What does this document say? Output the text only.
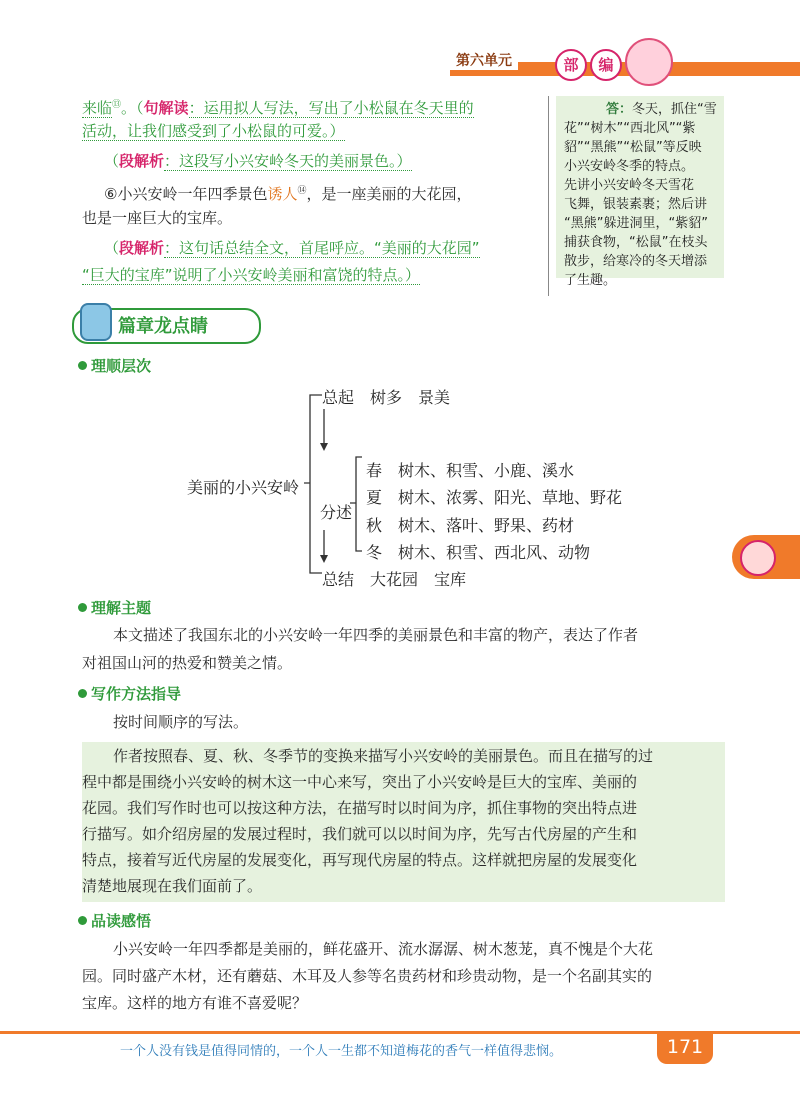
第六单元	部	编
来临⑬。（句解读：运用拟人写法，写出了小松鼠在冬天里的
活动，让我们感受到了小松鼠的可爱。）
（段解析：这段写小兴安岭冬天的美丽景色。）
⑥小兴安岭一年四季景色诱人⑭，是一座美丽的大花园，
也是一座巨大的宝库。
（段解析：这句话总结全文，首尾呼应。“美丽的大花园”
“巨大的宝库”说明了小兴安岭美丽和富饶的特点。）
答：冬天，抓住“雪
花”“树木”“西北风”“紫
貂”“黑熊”“松鼠”等反映
小兴安岭冬季的特点。
先讲小兴安岭冬天雪花
飞舞，银装素裹；然后讲
“黑熊”躲进洞里，“紫貂”
捕获食物，“松鼠”在枝头
散步，给寒冷的冬天增添
了生趣。
篇章龙点睛
理顺层次
美丽的小兴安岭
总起　树多　景美
分述
春 树木、积雪、小鹿、溪水
夏 树木、浓雾、阳光、草地、野花
秋 树木、落叶、野果、药材
冬 树木、积雪、西北风、动物
总结　大花园　宝库
理解主题
本文描述了我国东北的小兴安岭一年四季的美丽景色和丰富的物产，表达了作者
对祖国山河的热爱和赞美之情。
写作方法指导
按时间顺序的写法。
作者按照春、夏、秋、冬季节的变换来描写小兴安岭的美丽景色。而且在描写的过
程中都是围绕小兴安岭的树木这一中心来写，突出了小兴安岭是巨大的宝库、美丽的
花园。我们写作时也可以按这种方法，在描写时以时间为序，抓住事物的突出特点进
行描写。如介绍房屋的发展过程时，我们就可以以时间为序，先写古代房屋的产生和
特点，接着写近代房屋的发展变化，再写现代房屋的特点。这样就把房屋的发展变化
清楚地展现在我们面前了。
品读感悟
小兴安岭一年四季都是美丽的，鲜花盛开、流水潺潺、树木葱茏，真不愧是个大花
园。同时盛产木材，还有蘑菇、木耳及人参等名贵药材和珍贵动物，是一个名副其实的
宝库。这样的地方有谁不喜爱呢？
一个人没有钱是值得同情的，一个人一生都不知道梅花的香气一样值得悲悯。	171
